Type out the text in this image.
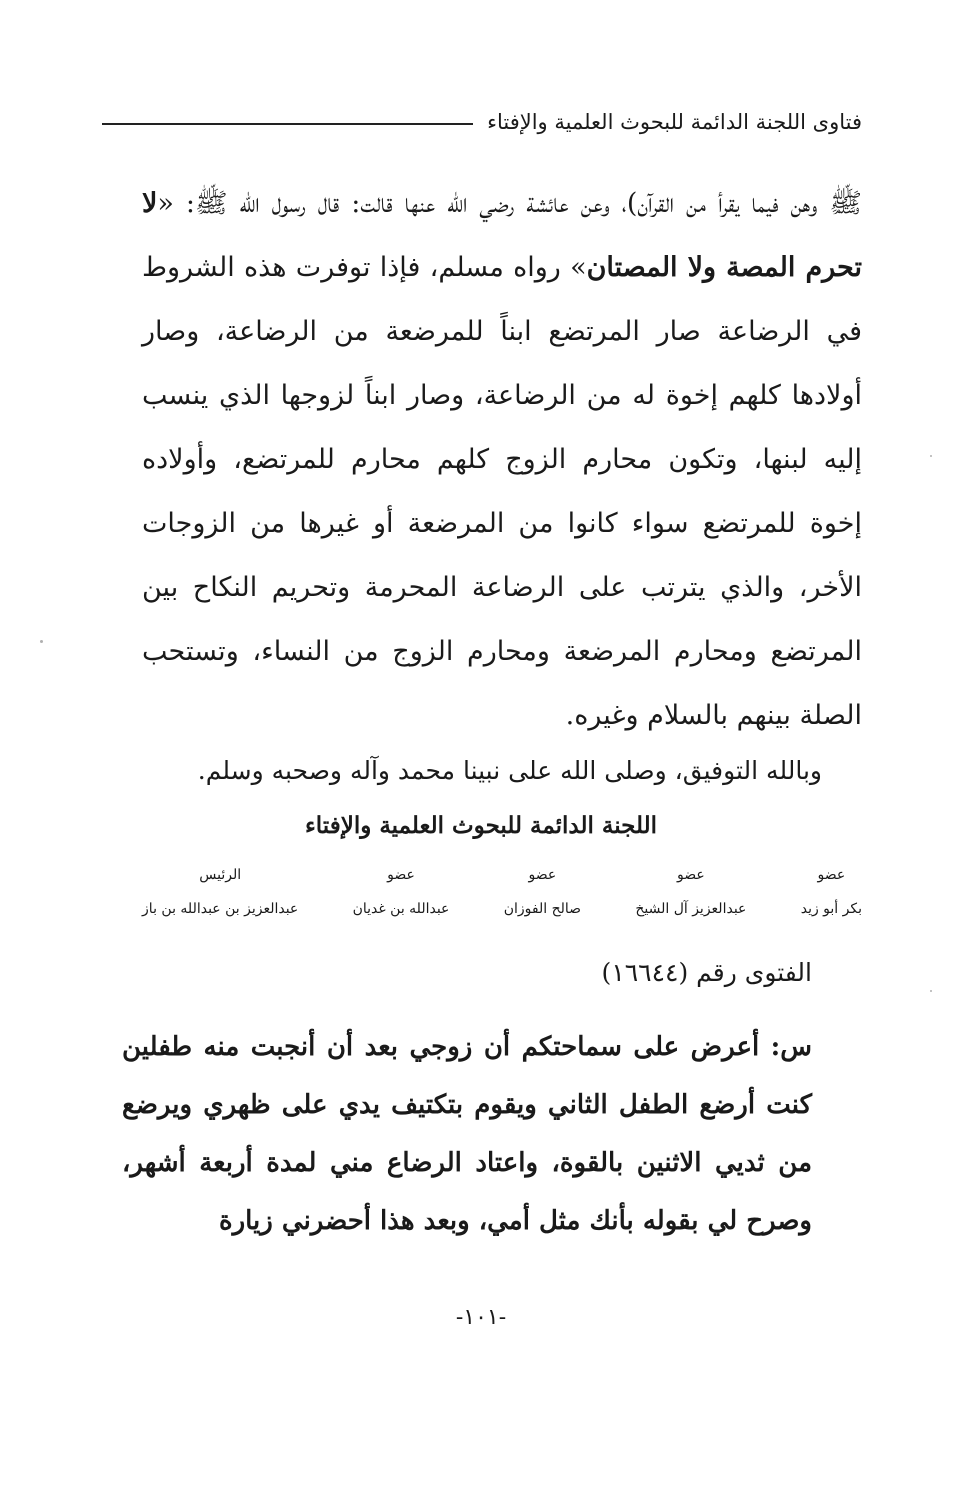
فتاوى اللجنة الدائمة للبحوث العلمية والإفتاء

ﷺ وهن فيما يقرأ من القرآن)، وعن عائشة رضي الله عنها قالت: قال رسول الله ﷺ: «لا تحرم المصة ولا المصتان» رواه مسلم، فإذا توفرت هذه الشروط في الرضاعة صار المرتضع ابناً للمرضعة من الرضاعة، وصار أولادها كلهم إخوة له من الرضاعة، وصار ابناً لزوجها الذي ينسب إليه لبنها، وتكون محارم الزوج كلهم محارم للمرتضع، وأولاده إخوة للمرتضع سواء كانوا من المرضعة أو غيرها من الزوجات الأخر، والذي يترتب على الرضاعة المحرمة وتحريم النكاح بين المرتضع ومحارم المرضعة ومحارم الزوج من النساء، وتستحب الصلة بينهم بالسلام وغيره.

وبالله التوفيق، وصلى الله على نبينا محمد وآله وصحبه وسلم.
اللجنة الدائمة للبحوث العلمية والإفتاء
عضو
بكر أبو زيد
عضو
عبدالعزيز آل الشيخ
عضو
صالح الفوزان
عضو
عبدالله بن غديان
الرئيس
عبدالعزيز بن عبدالله بن باز
الفتوى رقم (١٦٦٤٤)

س: أعرض على سماحتكم أن زوجي بعد أن أنجبت منه طفلين كنت أرضع الطفل الثاني ويقوم بتكتيف يدي على ظهري ويرضع من ثديي الاثنين بالقوة، واعتاد الرضاع مني لمدة أربعة أشهر، وصرح لي بقوله بأنك مثل أمي، وبعد هذا أحضرني زيارة

-١٠١-
